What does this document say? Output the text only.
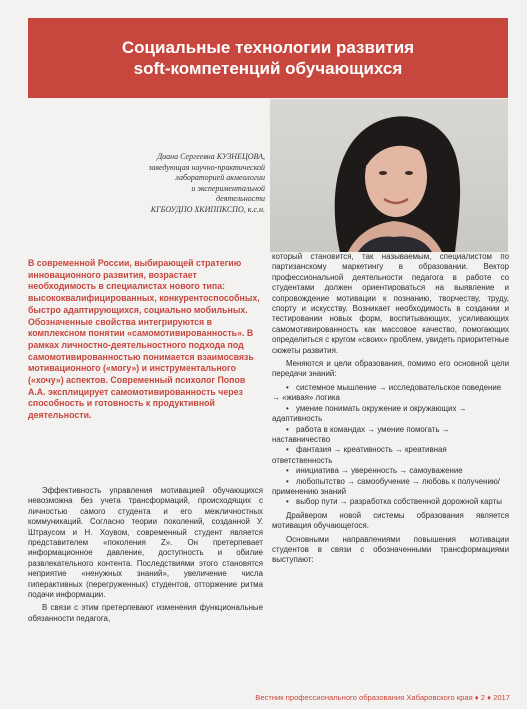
Социальные технологии развития
soft-компетенций обучающихся
Диана Сергеевна КУЗНЕЦОВА,
заведующая научно-практической
лабораторией акмеологии
и экспериментальной
деятельности
КГБОУДПО ХКИППКСПО, к.с.н.
В современной России, выбирающей стратегию инновационного развития, возрастает необходимость в специалистах нового типа: высококвалифицированных, конкурентоспособных, быстро адаптирующихся, социально мобильных. Обозначенные свойства интегрируются в комплексном понятии «самомотивированность». В рамках личностно-деятельностного подхода под самомотивированностью понимается взаимосвязь мотивационного («могу») и инструментального («хочу») аспектов. Современный психолог Попов А.А. эксплицирует самомотивированность через способность и готовность к продуктивной деятельности.

Эффективность управления мотивацией обучающихся невозможна без учета трансформаций, происходящих с личностью самого студента и его межличностных коммуникаций. Согласно теории поколений, созданной У. Штраусом и Н. Хоувом, современный студент является представителем «поколения Z». Он претерпевает информационное давление, доступность и обилие развлекательного контента. Последствиями этого становятся неприятие «ненужных знаний», увеличение числа гиперактивных (перегруженных) студентов, отторжение ритма подачи информации.

В связи с этим претерпевают изменения функциональные обязанности педагога,

который становится, так называемым, специалистом по партизанскому маркетингу в образовании. Вектор профессиональной деятельности педагога в работе со студентами должен ориентироваться на выявление и сопровождение мотивации к познанию, творчеству, труду, спорту и искусству. Возникает необходимость в создании и тестировании новых форм, воспитывающих, усиливающих самомотивированность как массовое качество, помогающих определиться с кругом «своих» проблем, увидеть приоритетные сюжеты развития.

Меняются и цели образования, помимо его основной цели передачи знаний:

• системное мышление → исследовательское поведение → «живая» логика
• умение понимать окружение и окружающих → адаптивность
• работа в командах → умение помогать → наставничество
• фантазия → креативность → креативная ответственность
• инициатива → уверенность → самоуважение
• любопытство → самообучение → любовь к получению/применению знаний
• выбор пути → разработка собственной дорожной карты

Драйвером новой системы образования является мотивация обучающегося.

Основными направлениями повышения мотивации студентов в связи с обозначенными трансформациями выступают:

Вестник профессионального образования Хабаровского края ♦ 2 ♦ 2017
